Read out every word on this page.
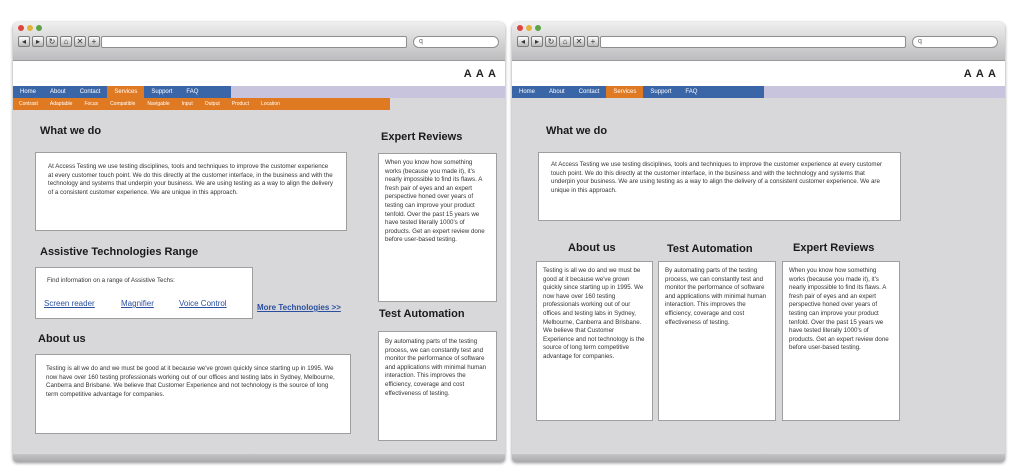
◂	▸	↻	⌂	✕	+	q
A A A
Home	About	Contact	Services	Support	FAQ
Contrast	Adaptable	Focus	Compatible	Navigable	Input	Output	Product	Location
What we do
At Access Testing we use testing disciplines, tools and techniques to improve the customer experience at every customer touch point. We do this directly at the customer interface, in the business and with the technology and systems that underpin your business. We are using testing as a way to align the delivery of a consistent customer experience. We are unique in this approach.
Assistive Technologies Range
Find information on a range of Assistive Techs:
Screen reader	Magnifier	Voice Control	More Technologies >>
About us
Testing is all we do and we must be good at it because we've grown quickly since starting up in 1995. We now have over 160 testing professionals working out of our offices and testing labs in Sydney, Melbourne, Canberra and Brisbane. We believe that Customer Experience and not technology is the source of long term competitive advantage for companies.
Expert Reviews
When you know how something works (because you made it), it's nearly impossible to find its flaws. A fresh pair of eyes and an expert perspective honed over years of testing can improve your product tenfold. Over the past 15 years we have tested literally 1000's of products. Get an expert review done before user-based testing.
Test Automation
By automating parts of the testing process, we can constantly test and monitor the performance of software and applications with minimal human interaction. This improves the efficiency, coverage and cost effectiveness of testing.
◂	▸	↻	⌂	✕	+	q
A A A
Home	About	Contact	Services	Support	FAQ
What we do
At Access Testing we use testing disciplines, tools and techniques to improve the customer experience at every customer touch point. We do this directly at the customer interface, in the business and with the technology and systems that underpin your business. We are using testing as a way to align the delivery of a consistent customer experience. We are unique in this approach.
About us
Testing is all we do and we must be good at it because we've grown quickly since starting up in 1995. We now have over 160 testing professionals working out of our offices and testing labs in Sydney, Melbourne, Canberra and Brisbane. We believe that Customer Experience and not technology is the source of long term competitive advantage for companies.
Test Automation
By automating parts of the testing process, we can constantly test and monitor the performance of software and applications with minimal human interaction. This improves the efficiency, coverage and cost effectiveness of testing.
Expert Reviews
When you know how something works (because you made it), it's nearly impossible to find its flaws. A fresh pair of eyes and an expert perspective honed over years of testing can improve your product tenfold. Over the past 15 years we have tested literally 1000's of products. Get an expert review done before user-based testing.
